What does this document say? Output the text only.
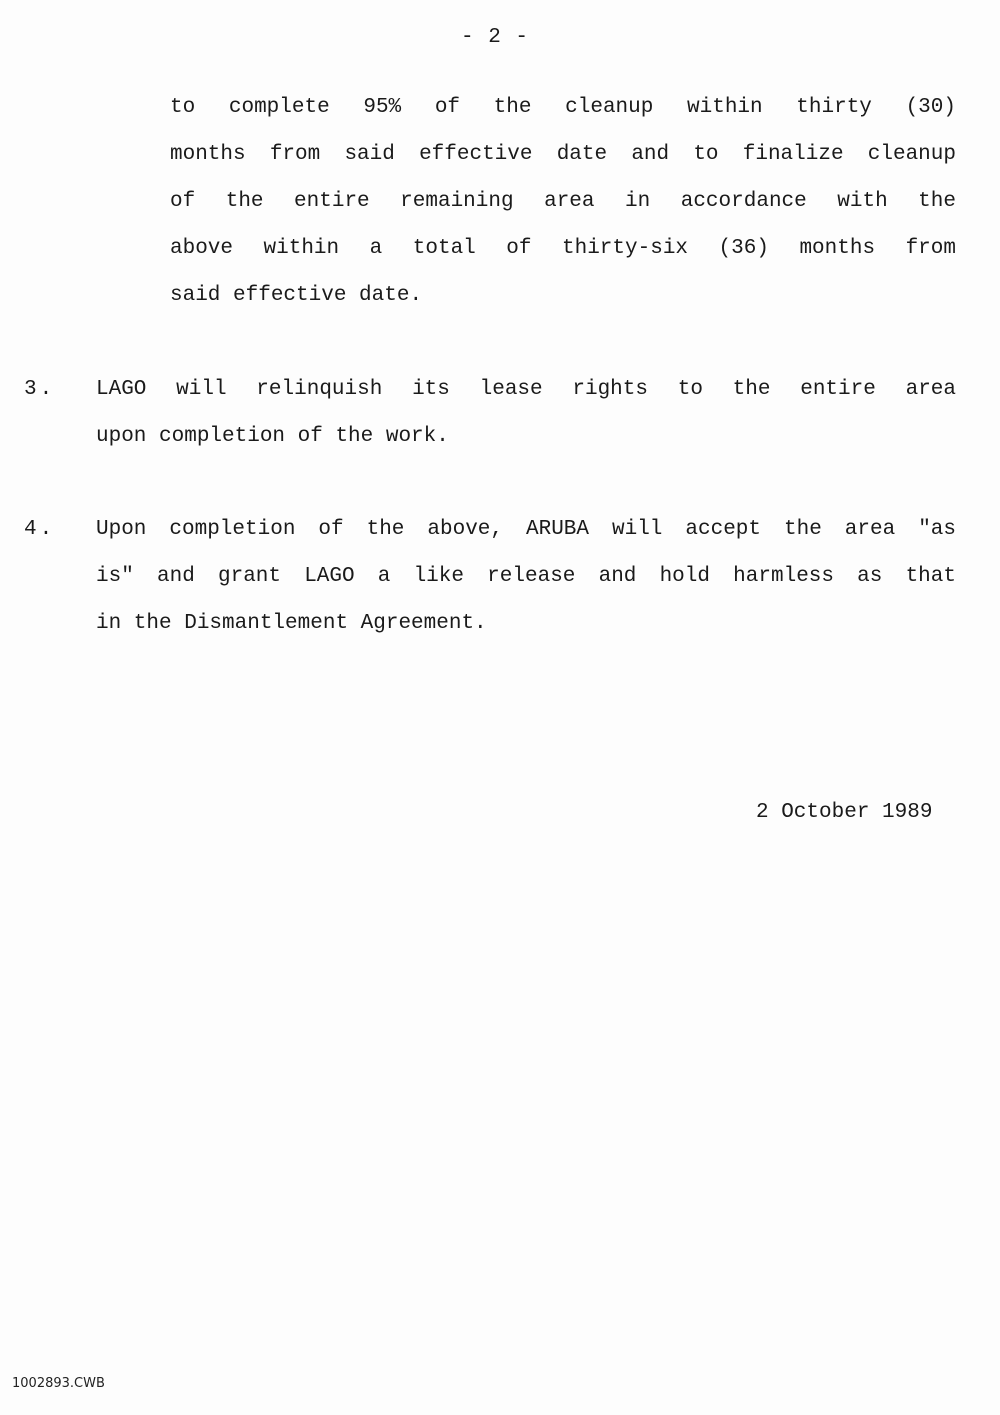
- 2 -
to complete 95% of the cleanup within thirty (30)
months from said effective date and to finalize cleanup
of the entire remaining area in accordance with the
above within a total of thirty-six (36) months from
said effective date.
3. LAGO will relinquish its lease rights to the entire area
upon completion of the work.
4. Upon completion of the above, ARUBA will accept the area "as
is" and grant LAGO a like release and hold harmless as that
in the Dismantlement Agreement.
2 October 1989
1002893.CWB
